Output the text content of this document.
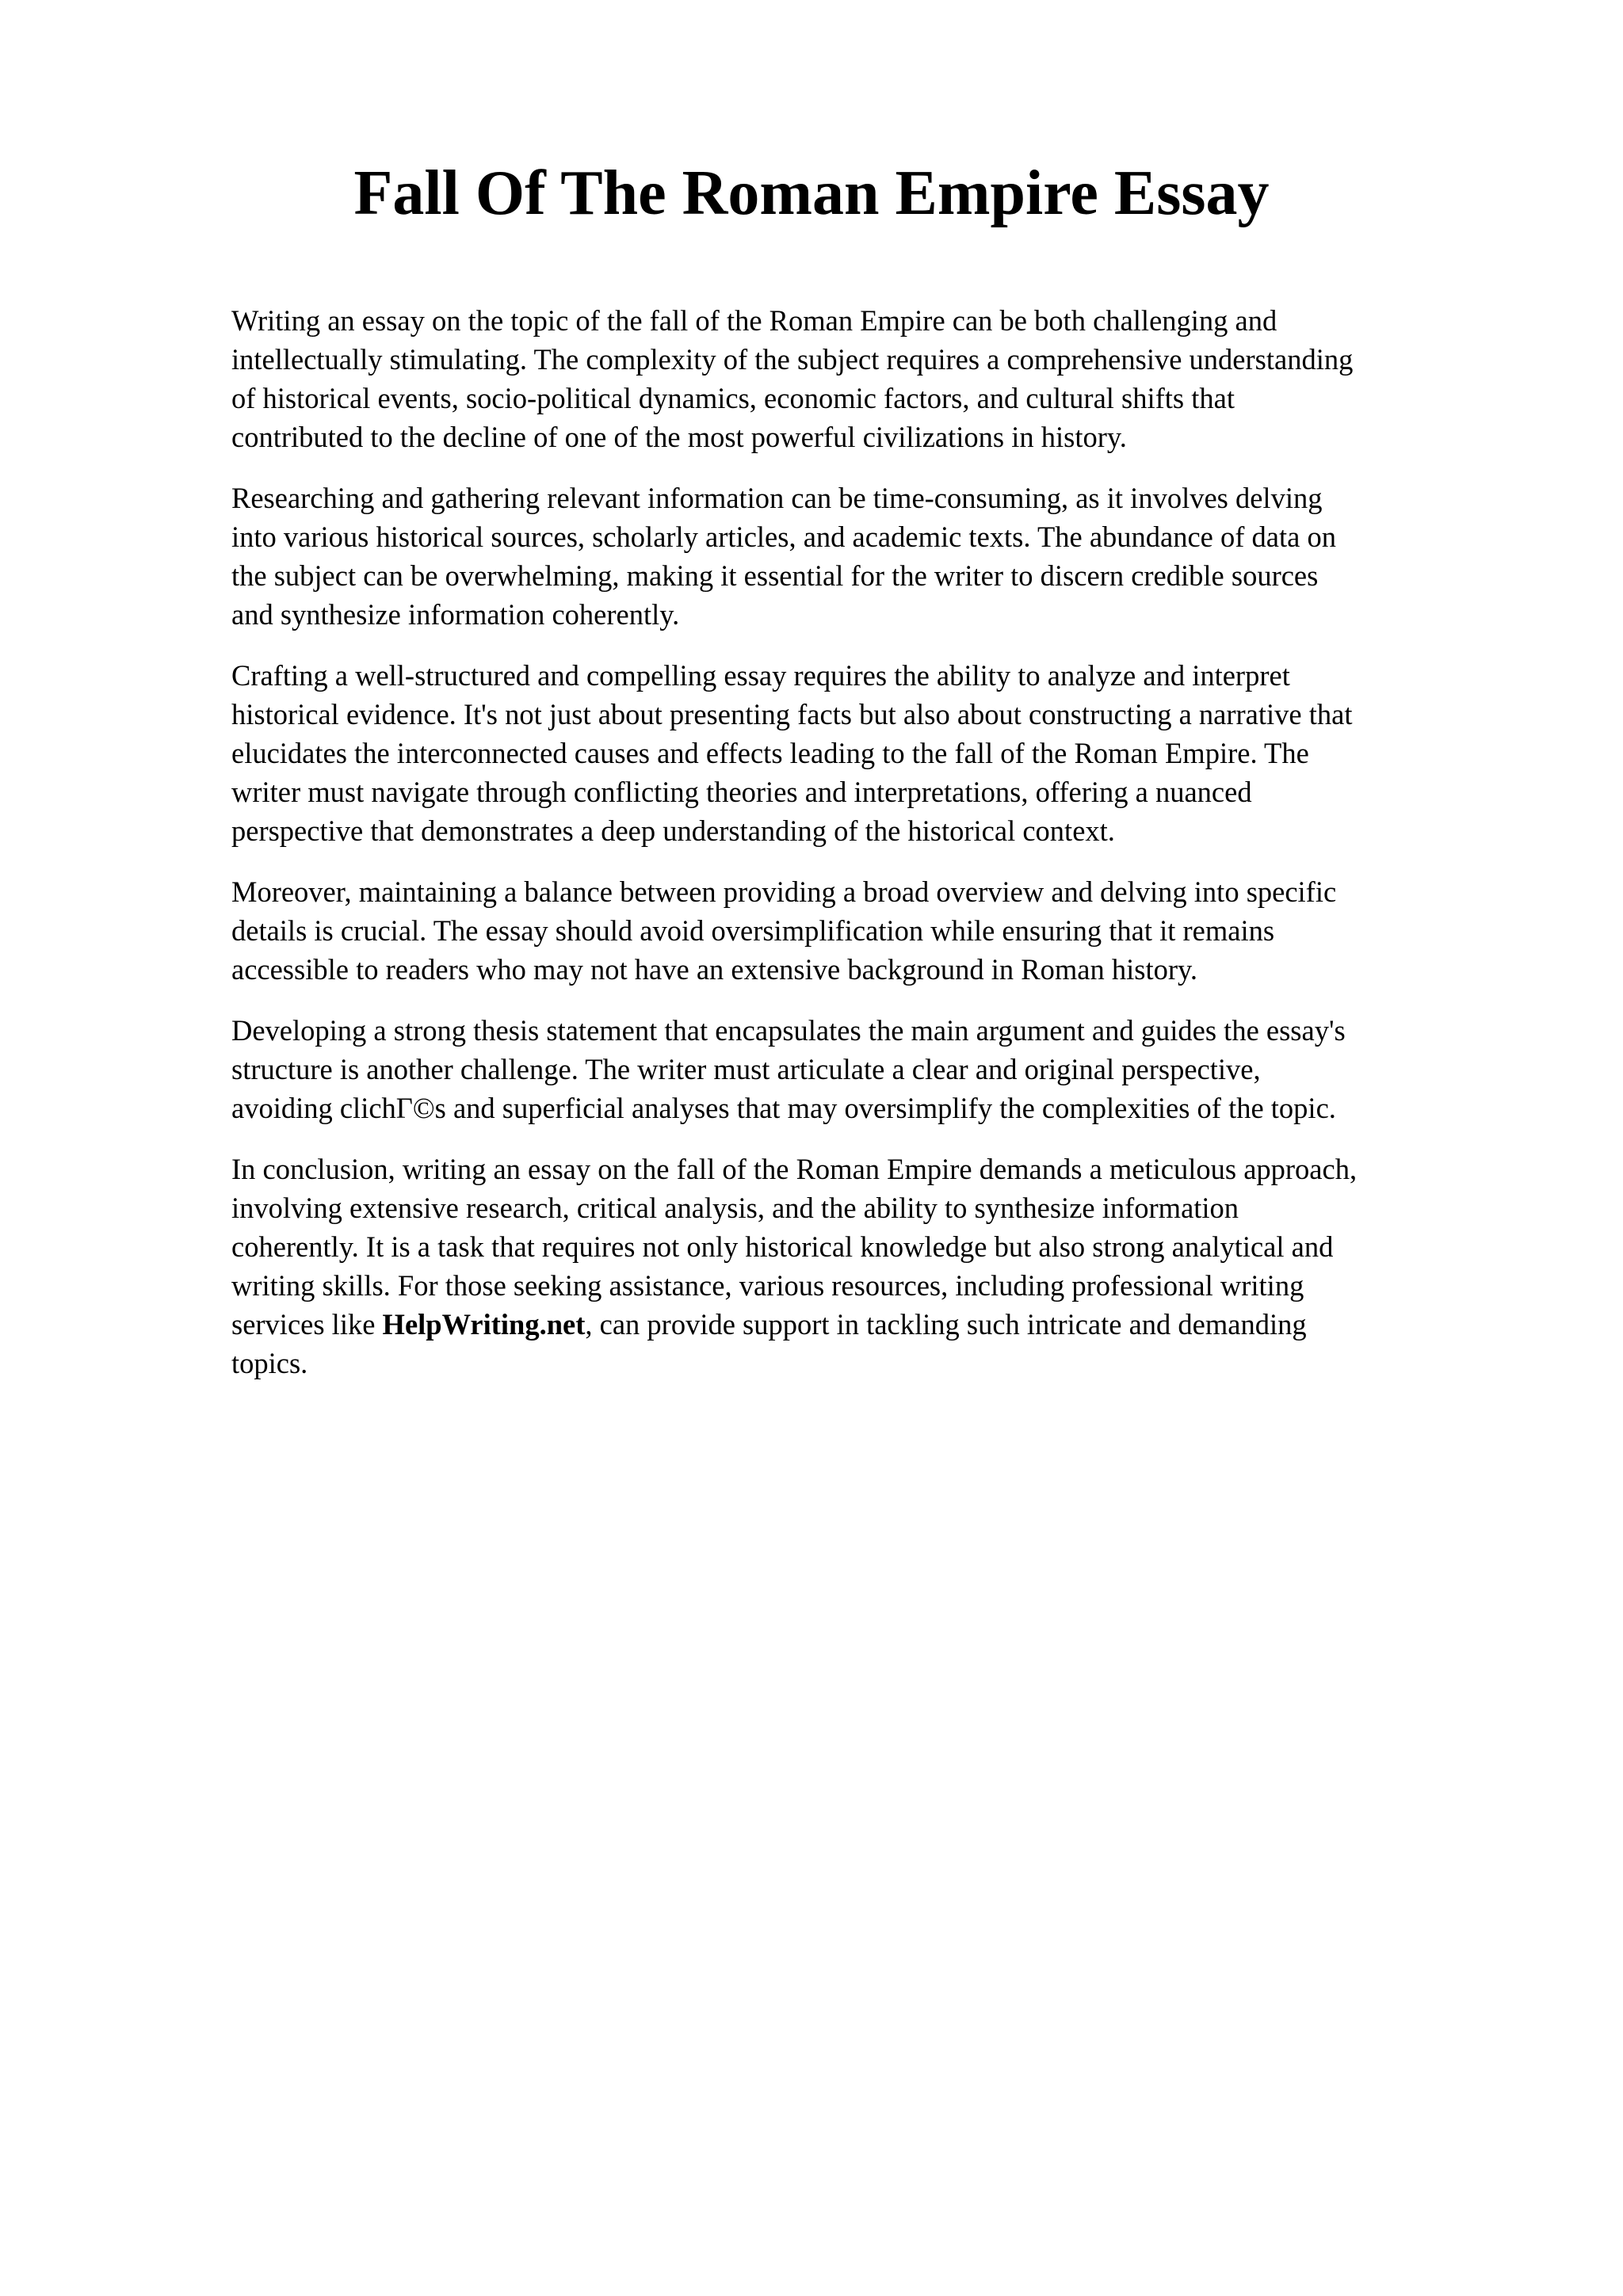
Fall Of The Roman Empire Essay

Writing an essay on the topic of the fall of the Roman Empire can be both challenging and
intellectually stimulating. The complexity of the subject requires a comprehensive understanding
of historical events, socio-political dynamics, economic factors, and cultural shifts that
contributed to the decline of one of the most powerful civilizations in history.

Researching and gathering relevant information can be time-consuming, as it involves delving
into various historical sources, scholarly articles, and academic texts. The abundance of data on
the subject can be overwhelming, making it essential for the writer to discern credible sources
and synthesize information coherently.

Crafting a well-structured and compelling essay requires the ability to analyze and interpret
historical evidence. It's not just about presenting facts but also about constructing a narrative that
elucidates the interconnected causes and effects leading to the fall of the Roman Empire. The
writer must navigate through conflicting theories and interpretations, offering a nuanced
perspective that demonstrates a deep understanding of the historical context.

Moreover, maintaining a balance between providing a broad overview and delving into specific
details is crucial. The essay should avoid oversimplification while ensuring that it remains
accessible to readers who may not have an extensive background in Roman history.

Developing a strong thesis statement that encapsulates the main argument and guides the essay's
structure is another challenge. The writer must articulate a clear and original perspective,
avoiding clichΓ©s and superficial analyses that may oversimplify the complexities of the topic.

In conclusion, writing an essay on the fall of the Roman Empire demands a meticulous approach,
involving extensive research, critical analysis, and the ability to synthesize information
coherently. It is a task that requires not only historical knowledge but also strong analytical and
writing skills. For those seeking assistance, various resources, including professional writing
services like HelpWriting.net, can provide support in tackling such intricate and demanding
topics.
